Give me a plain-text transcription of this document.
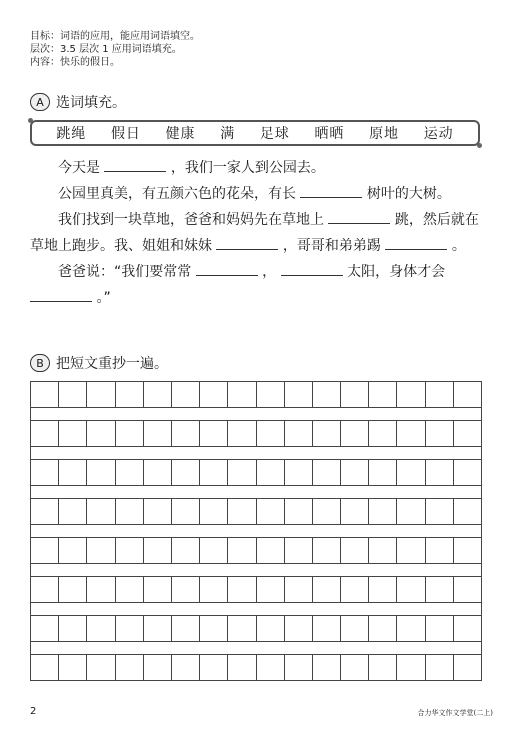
目标：词语的应用，能应用词语填空。
层次：3.5 层次 1 应用词语填充。
内容：快乐的假日。
A 选词填充。
跳绳 假日 健康 满 足球 晒晒 原地 运动

今天是	，我们一家人到公园去。

公园里真美，有五颜六色的花朵，有长	树叶的大树。

我们找到一块草地，爸爸和妈妈先在草地上	跳，然后就在草地上跑步。我、姐姐和妹妹	，哥哥和弟弟踢	。

爸爸说：“我们要常常	，	太阳，身体才会  。”

B 把短文重抄一遍。
2	合力华文作文学堂(二上)
